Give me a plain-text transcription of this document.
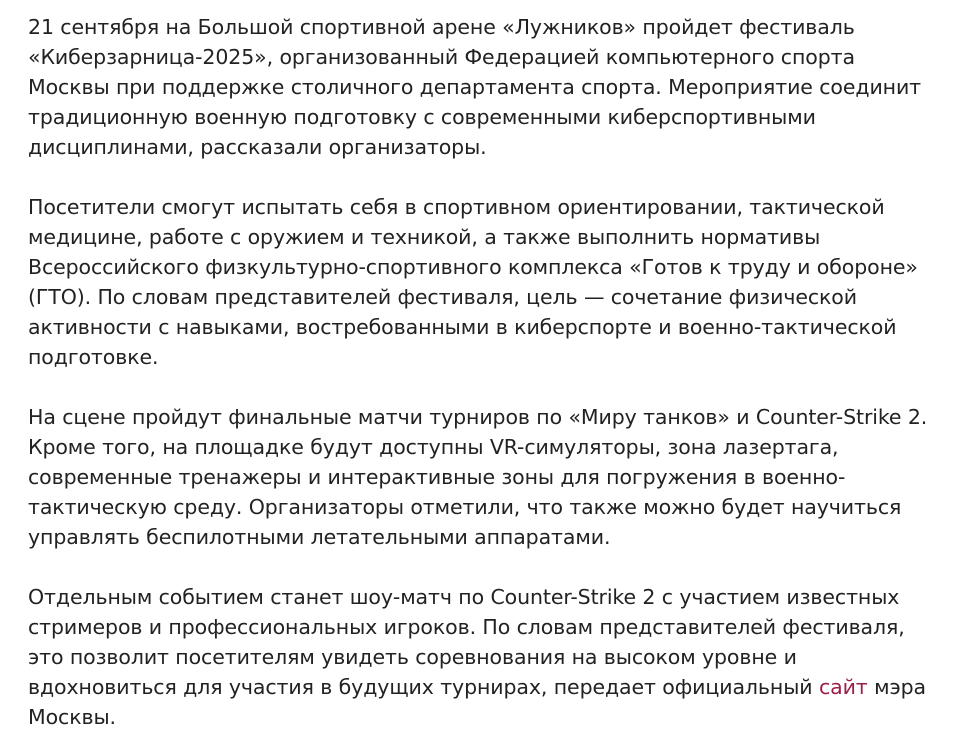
21 сентября на Большой спортивной арене «Лужников» пройдет фестиваль «Киберзарница-2025», организованный Федерацией компьютерного спорта Москвы при поддержке столичного департамента спорта. Мероприятие соединит традиционную военную подготовку с современными киберспортивными дисциплинами, рассказали организаторы.

Посетители смогут испытать себя в спортивном ориентировании, тактической медицине, работе с оружием и техникой, а также выполнить нормативы Всероссийского физкультурно-спортивного комплекса «Готов к труду и обороне» (ГТО). По словам представителей фестиваля, цель — сочетание физической активности с навыками, востребованными в киберспорте и военно-тактической подготовке.

На сцене пройдут финальные матчи турниров по «Миру танков» и Counter-Strike 2. Кроме того, на площадке будут доступны VR-симуляторы, зона лазертага, современные тренажеры и интерактивные зоны для погружения в военно-тактическую среду. Организаторы отметили, что также можно будет научиться управлять беспилотными летательными аппаратами.

Отдельным событием станет шоу-матч по Counter-Strike 2 с участием известных стримеров и профессиональных игроков. По словам представителей фестиваля, это позволит посетителям увидеть соревнования на высоком уровне и вдохновиться для участия в будущих турнирах, передает официальный сайт мэра Москвы.
